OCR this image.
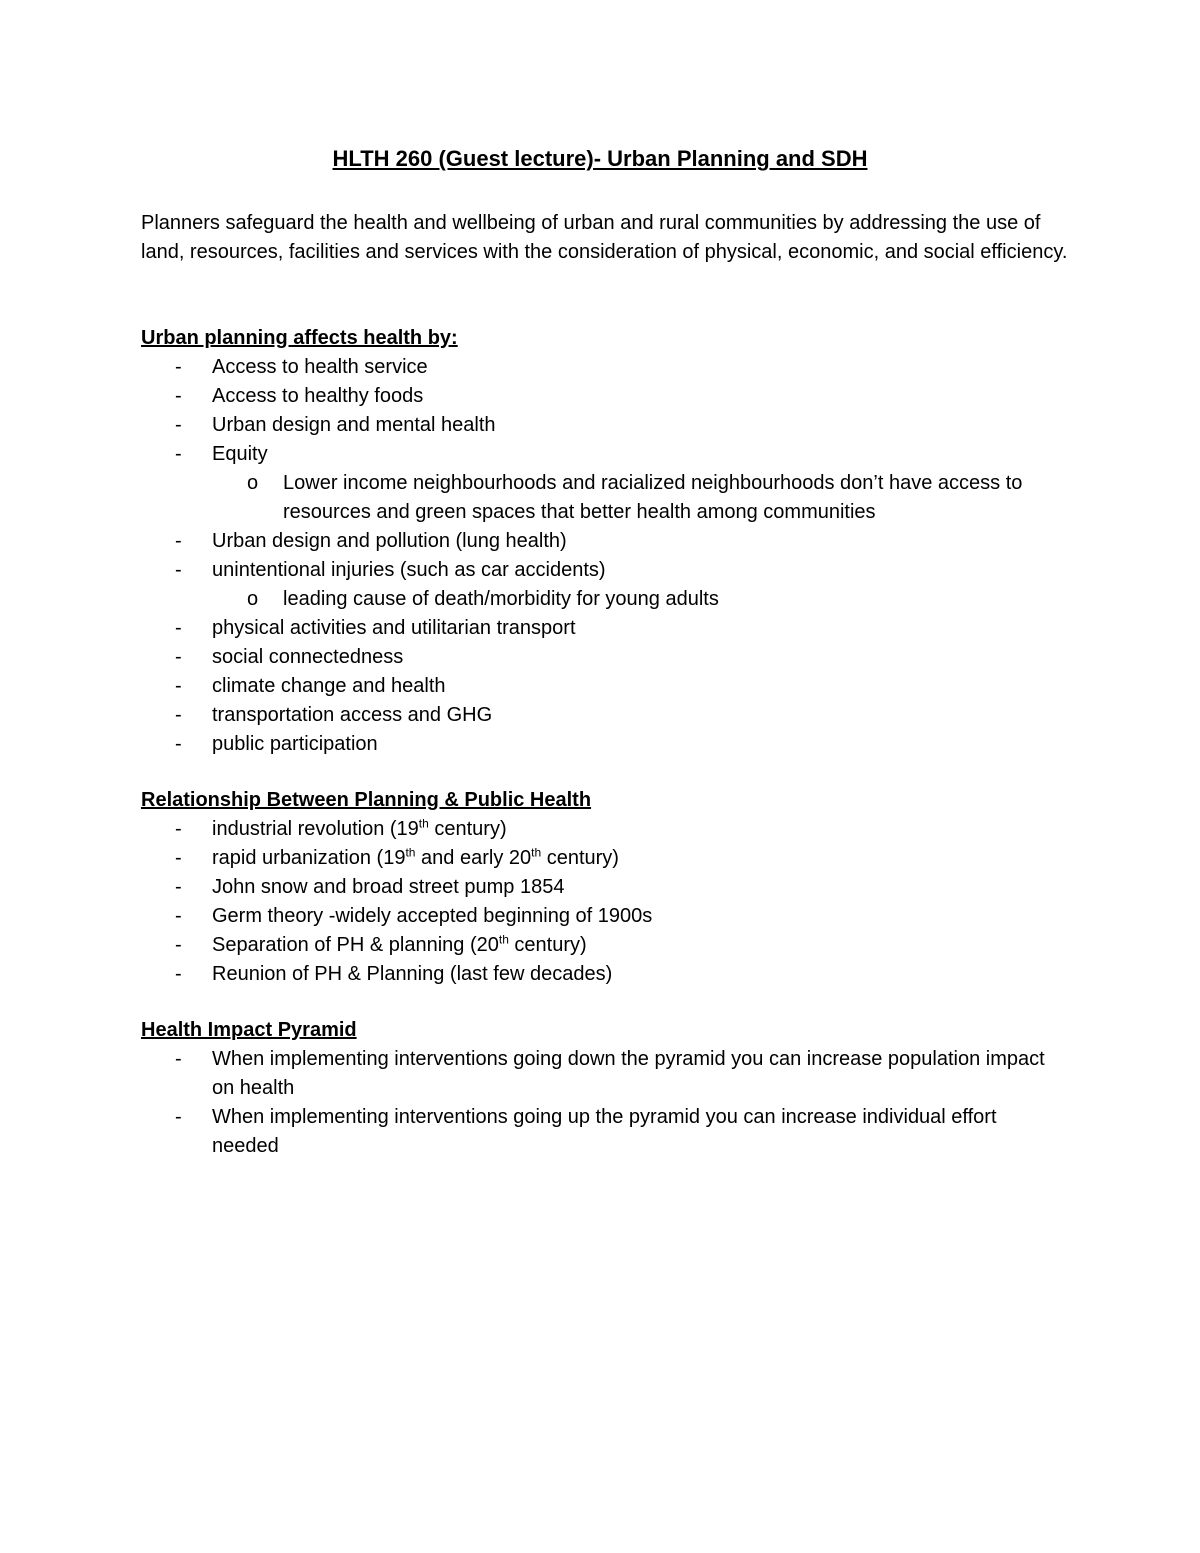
HLTH 260 (Guest lecture)- Urban Planning and SDH
Planners safeguard the health and wellbeing of urban and rural communities by addressing the use of land, resources, facilities and services with the consideration of physical, economic, and social efficiency.
Urban planning affects health by:
- Access to health service
- Access to healthy foods
- Urban design and mental health
- Equity
o Lower income neighbourhoods and racialized neighbourhoods don’t have access to resources and green spaces that better health among communities
- Urban design and pollution (lung health)
- unintentional injuries (such as car accidents)
o leading cause of death/morbidity for young adults
- physical activities and utilitarian transport
- social connectedness
- climate change and health
- transportation access and GHG
- public participation
Relationship Between Planning & Public Health
- industrial revolution (19th century)
- rapid urbanization (19th and early 20th century)
- John snow and broad street pump 1854
- Germ theory -widely accepted beginning of 1900s
- Separation of PH & planning (20th century)
- Reunion of PH & Planning (last few decades)
Health Impact Pyramid
- When implementing interventions going down the pyramid you can increase population impact on health
- When implementing interventions going up the pyramid you can increase individual effort needed
